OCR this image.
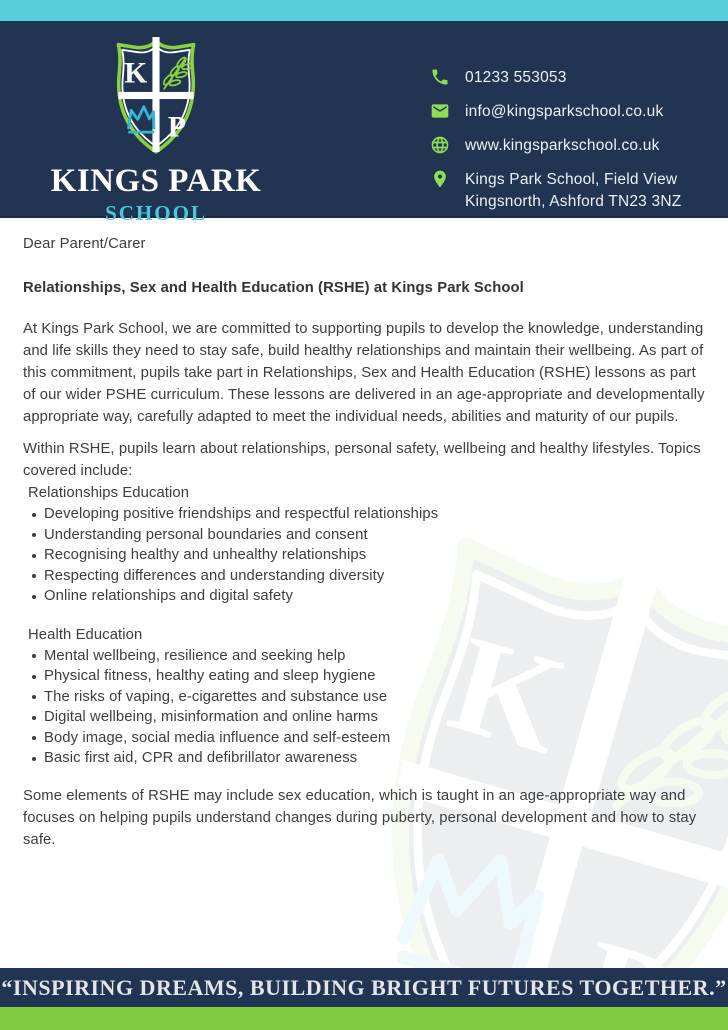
KINGS PARK
SCHOOL
01233 553053
info@kingsparkschool.co.uk
www.kingsparkschool.co.uk
Kings Park School, Field View
Kingsnorth, Ashford TN23 3NZ

Dear Parent/Carer

Relationships, Sex and Health Education (RSHE) at Kings Park School

At Kings Park School, we are committed to supporting pupils to develop the knowledge, understanding and life skills they need to stay safe, build healthy relationships and maintain their wellbeing. As part of this commitment, pupils take part in Relationships, Sex and Health Education (RSHE) lessons as part of our wider PSHE curriculum. These lessons are delivered in an age-appropriate and developmentally appropriate way, carefully adapted to meet the individual needs, abilities and maturity of our pupils.

Within RSHE, pupils learn about relationships, personal safety, wellbeing and healthy lifestyles. Topics covered include:

Relationships Education
Developing positive friendships and respectful relationships
Understanding personal boundaries and consent
Recognising healthy and unhealthy relationships
Respecting differences and understanding diversity
Online relationships and digital safety
Health Education
Mental wellbeing, resilience and seeking help
Physical fitness, healthy eating and sleep hygiene
The risks of vaping, e-cigarettes and substance use
Digital wellbeing, misinformation and online harms
Body image, social media influence and self-esteem
Basic first aid, CPR and defibrillator awareness

Some elements of RSHE may include sex education, which is taught in an age-appropriate way and focuses on helping pupils understand changes during puberty, personal development and how to stay safe.

“INSPIRING DREAMS, BUILDING BRIGHT FUTURES TOGETHER.”
